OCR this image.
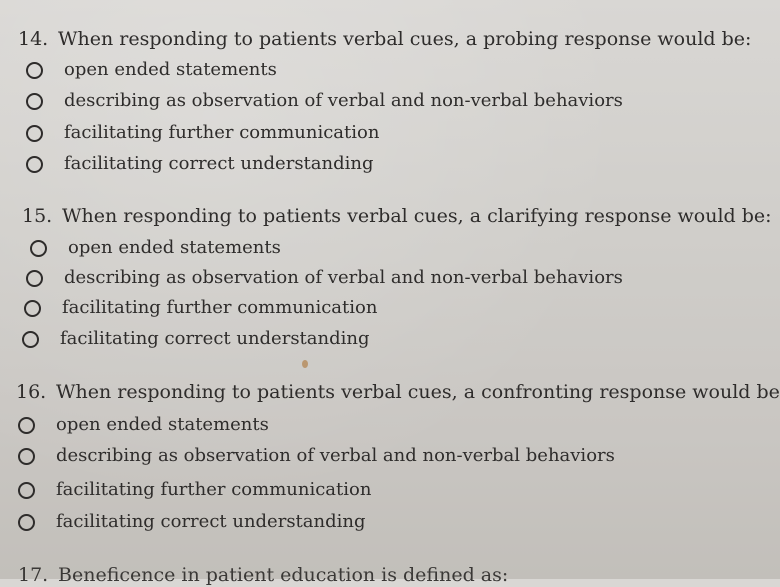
14. When responding to patients verbal cues, a probing response would be:
open ended statements
describing as observation of verbal and non-verbal behaviors
facilitating further communication
facilitating correct understanding
15. When responding to patients verbal cues, a clarifying response would be:
open ended statements
describing as observation of verbal and non-verbal behaviors
facilitating further communication
facilitating correct understanding
16. When responding to patients verbal cues, a confronting response would be
open ended statements
describing as observation of verbal and non-verbal behaviors
facilitating further communication
facilitating correct understanding
17. Beneficence in patient education is defined as:
